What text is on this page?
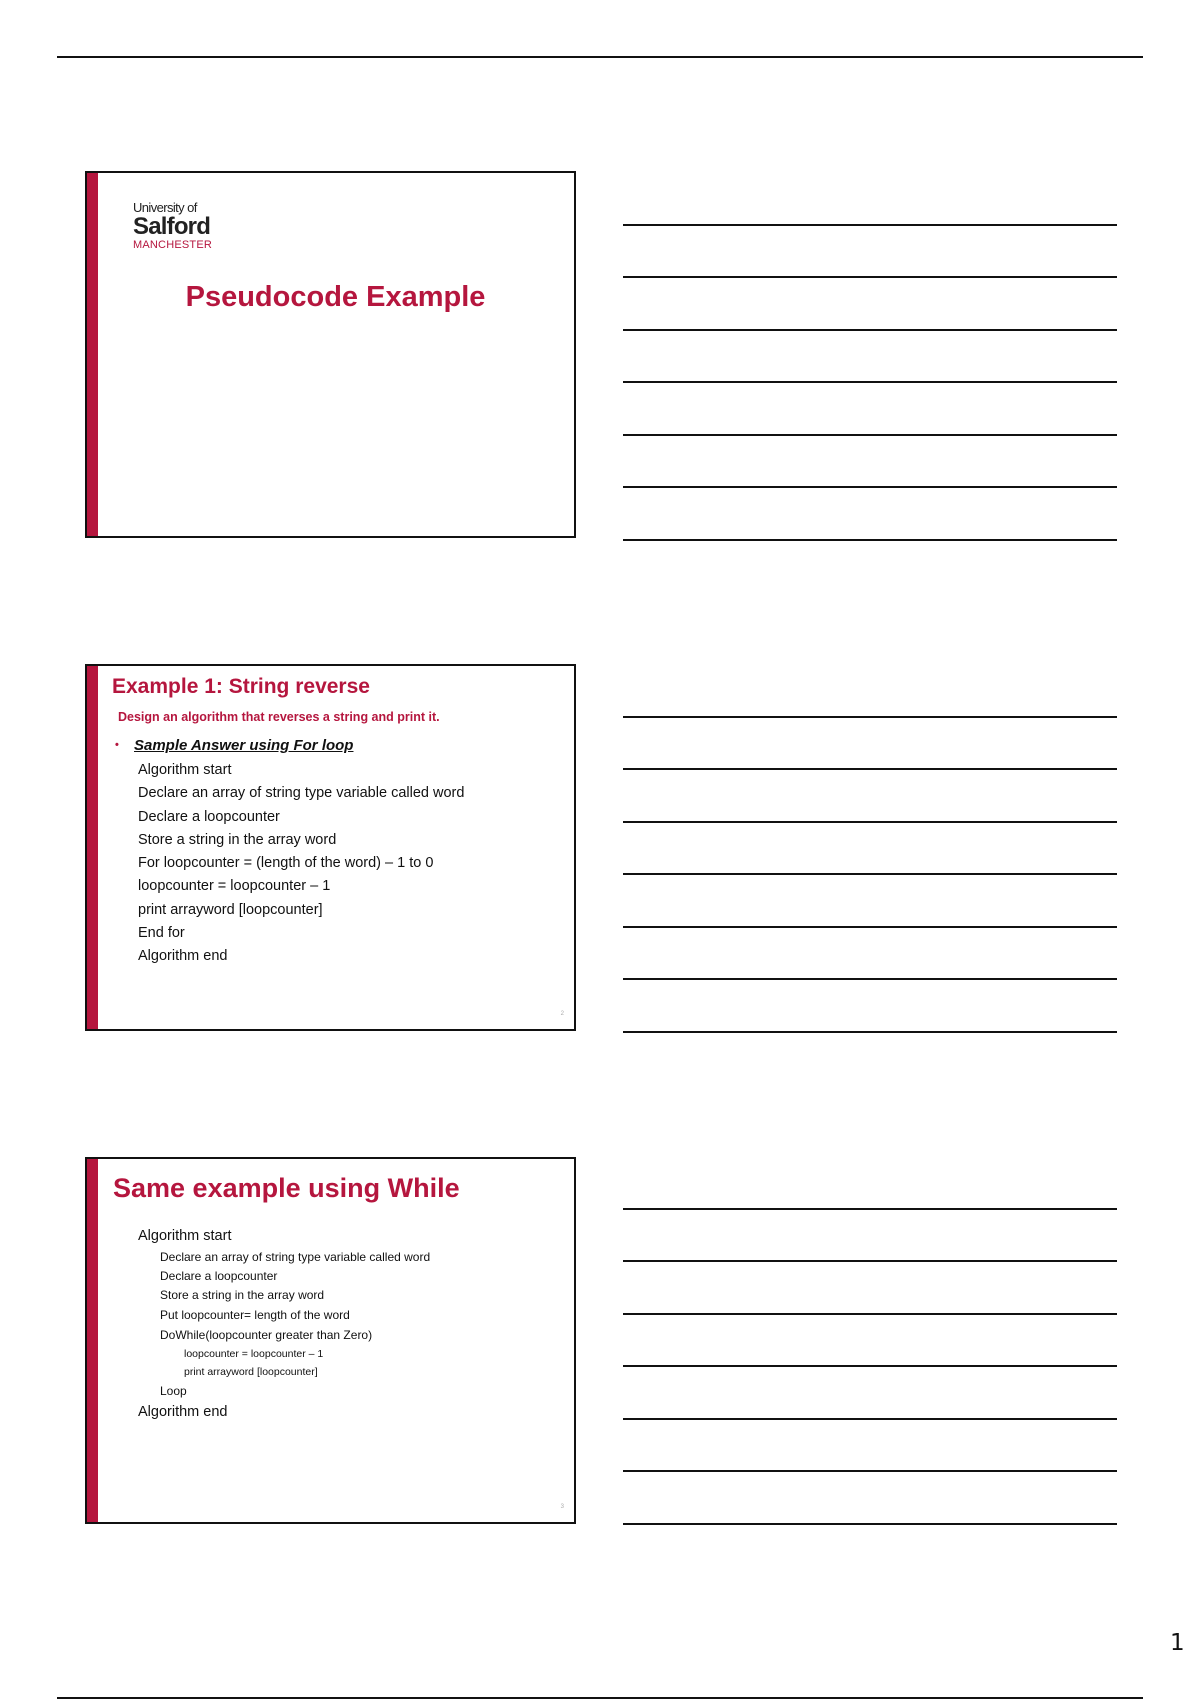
University of
Salford
MANCHESTER
Pseudocode Example
Example 1: String reverse
Design an algorithm that reverses a string and print it.
• Sample Answer using For loop
Algorithm start
Declare an array of string type variable called word
Declare a loopcounter
Store a string in the array word
For loopcounter = (length of the word) – 1 to 0
loopcounter = loopcounter – 1
print arrayword [loopcounter]
End for
Algorithm end
2
Same example using While
Algorithm start
Declare an array of string type variable called word
Declare a loopcounter
Store a string in the array word
Put loopcounter= length of the word
DoWhile(loopcounter greater than Zero)
loopcounter = loopcounter – 1
print arrayword [loopcounter]
Loop
Algorithm end
3
1
